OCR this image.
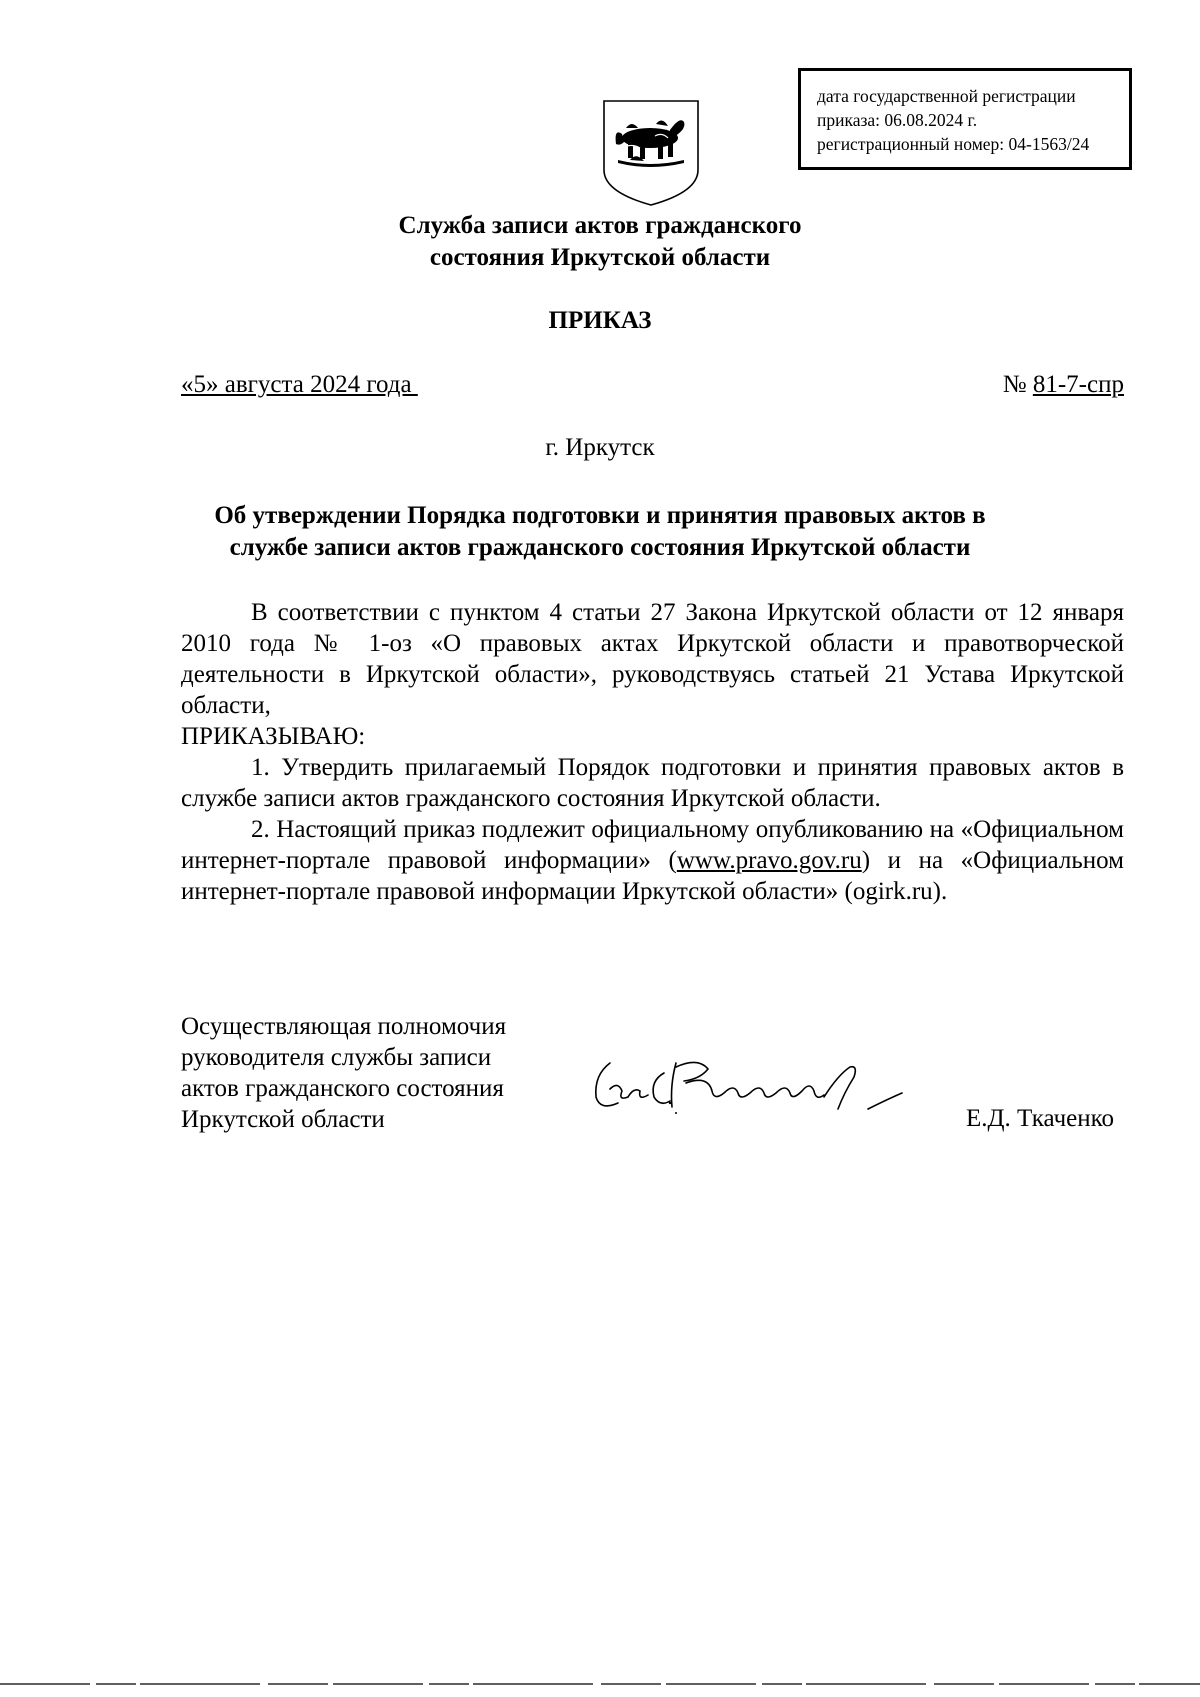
дата государственной регистрации
приказа: 06.08.2024 г.
регистрационный номер: 04-1563/24
Служба записи актов гражданского
состояния Иркутской области
ПРИКАЗ
«5» августа 2024 года	№ 81-7-спр
г. Иркутск
Об утверждении Порядка подготовки и принятия правовых актов в
службе записи актов гражданского состояния Иркутской области

В соответствии с пунктом 4 статьи 27 Закона Иркутской области от 12 января 2010 года № 1-оз «О правовых актах Иркутской области и правотворческой деятельности в Иркутской области», руководствуясь статьей 21 Устава Иркутской области,

ПРИКАЗЫВАЮ:

1. Утвердить прилагаемый Порядок подготовки и принятия правовых актов в службе записи актов гражданского состояния Иркутской области.

2. Настоящий приказ подлежит официальному опубликованию на «Официальном интернет-портале правовой информации» (www.pravo.gov.ru) и на «Официальном интернет-портале правовой информации Иркутской области» (ogirk.ru).

Осуществляющая полномочия
руководителя службы записи
актов гражданского состояния
Иркутской области	Е.Д. Ткаченко
